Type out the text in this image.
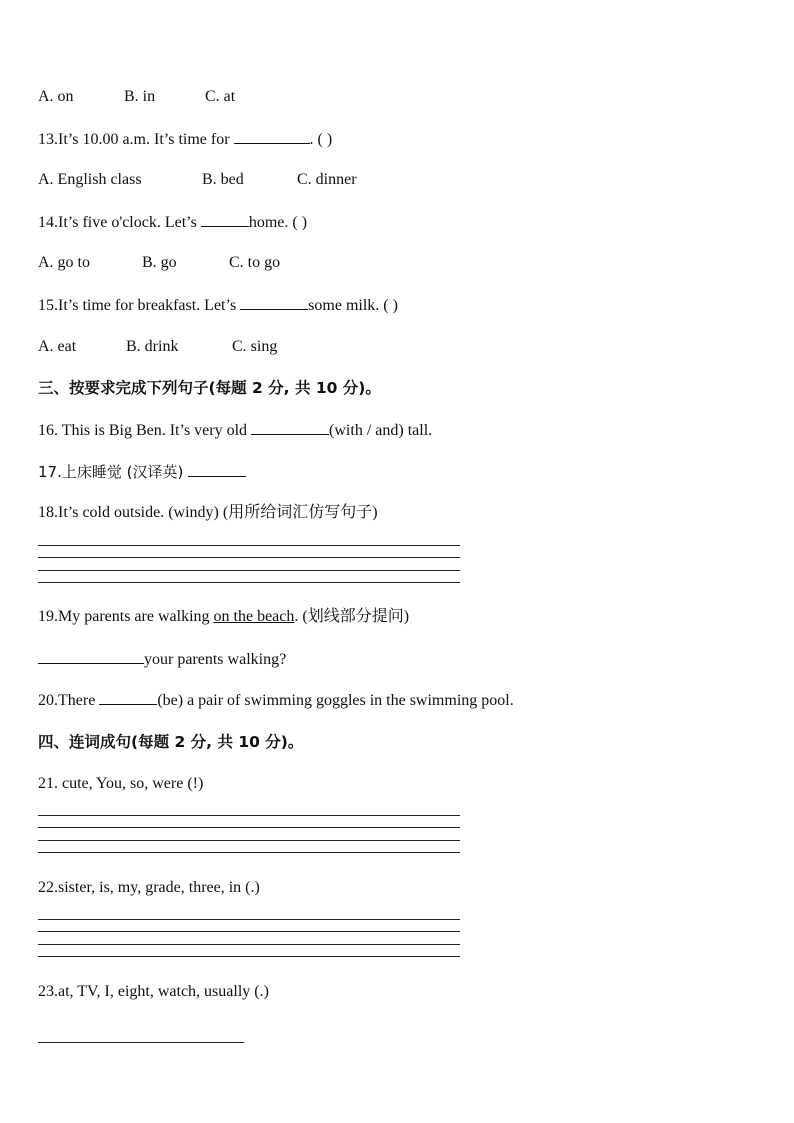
A. on	B. in	C. at
13.It’s 10.00 a.m. It’s time for	. ( )
A. English class	B. bed	C. dinner
14.It’s five o'clock. Let’s	home. ( )
A. go to	B. go	C. to go
15.It’s time for breakfast. Let’s	some milk. ( )
A. eat	B. drink	C. sing
三、按要求完成下列句子(每题 2 分, 共 10 分)。
16. This is Big Ben. It’s very old	(with / and) tall.
17.上床睡觉 (汉译英)
18.It’s cold outside. (windy) (用所给词汇仿写句子)
19.My parents are walking on the beach. (划线部分提问)
your parents walking?
20.There	(be) a pair of swimming goggles in the swimming pool.
四、连词成句(每题 2 分, 共 10 分)。
21. cute, You, so, were (!)
22.sister, is, my, grade, three, in (.)
23.at, TV, I, eight, watch, usually (.)
